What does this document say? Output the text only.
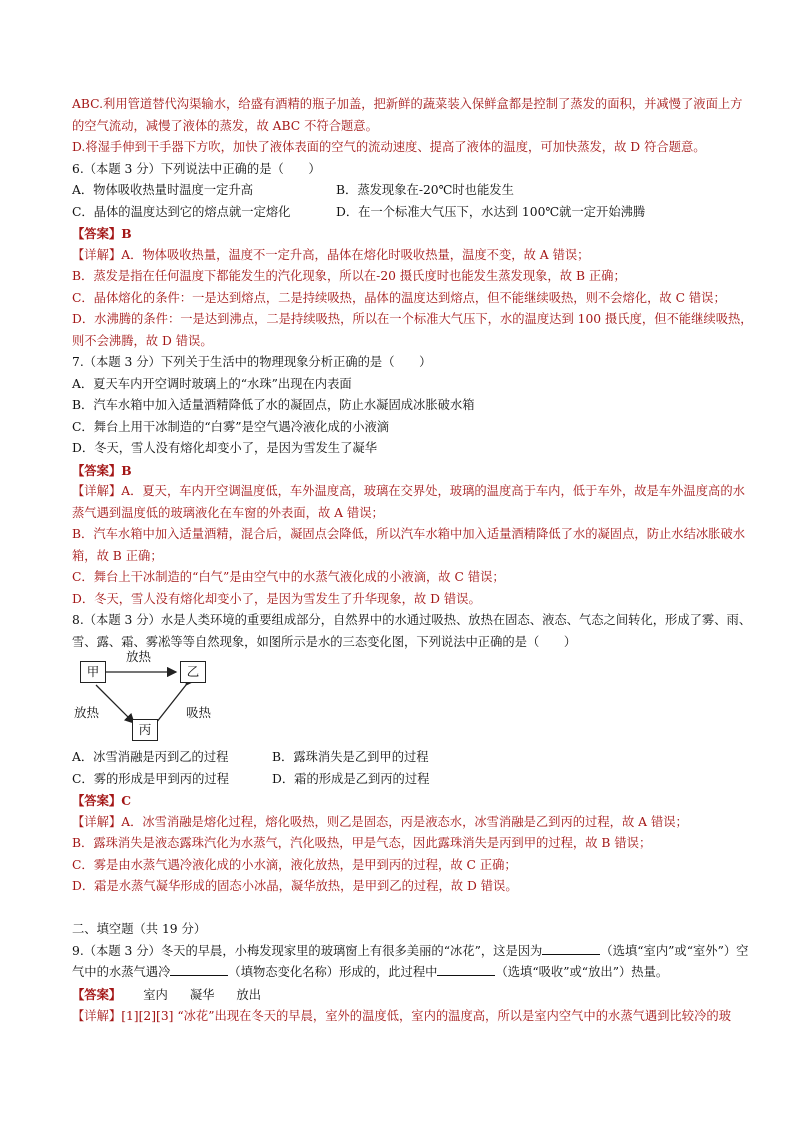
ABC.利用管道替代沟渠输水，给盛有酒精的瓶子加盖，把新鲜的蔬菜装入保鲜盒都是控制了蒸发的面积，并减慢了液面上方
的空气流动，减慢了液体的蒸发，故 ABC 不符合题意。
D.将湿手伸到干手器下方吹，加快了液体表面的空气的流动速度、提高了液体的温度，可加快蒸发，故 D 符合题意。
6.（本题 3 分）下列说法中正确的是（　　）
A．物体吸收热量时温度一定升高	B．蒸发现象在-20℃时也能发生
C．晶体的温度达到它的熔点就一定熔化	D．在一个标准大气压下，水达到 100℃就一定开始沸腾
【答案】B
【详解】A．物体吸收热量，温度不一定升高，晶体在熔化时吸收热量，温度不变，故 A 错误；
B．蒸发是指在任何温度下都能发生的汽化现象，所以在-20 摄氏度时也能发生蒸发现象，故 B 正确；
C．晶体熔化的条件：一是达到熔点，二是持续吸热，晶体的温度达到熔点，但不能继续吸热，则不会熔化，故 C 错误；
D．水沸腾的条件：一是达到沸点，二是持续吸热，所以在一个标准大气压下，水的温度达到 100 摄氏度，但不能继续吸热，
则不会沸腾，故 D 错误。
7.（本题 3 分）下列关于生活中的物理现象分析正确的是（　　）
A．夏天车内开空调时玻璃上的“水珠”出现在内表面
B．汽车水箱中加入适量酒精降低了水的凝固点，防止水凝固成冰胀破水箱
C．舞台上用干冰制造的“白雾”是空气遇冷液化成的小液滴
D．冬天，雪人没有熔化却变小了，是因为雪发生了凝华
【答案】B
【详解】A．夏天，车内开空调温度低，车外温度高，玻璃在交界处，玻璃的温度高于车内，低于车外，故是车外温度高的水
蒸气遇到温度低的玻璃液化在车窗的外表面，故 A 错误；
B．汽车水箱中加入适量酒精，混合后，凝固点会降低，所以汽车水箱中加入适量酒精降低了水的凝固点，防止水结冰胀破水
箱，故 B 正确；
C．舞台上干冰制造的“白气”是由空气中的水蒸气液化成的小液滴，故 C 错误；
D．冬天，雪人没有熔化却变小了，是因为雪发生了升华现象，故 D 错误。
8.（本题 3 分）水是人类环境的重要组成部分，自然界中的水通过吸热、放热在固态、液态、气态之间转化，形成了雾、雨、
雪、露、霜、雾凇等等自然现象，如图所示是水的三态变化图，下列说法中正确的是（　　）
甲	乙
丙
放热
放热	吸热
A．冰雪消融是丙到乙的过程	B．露珠消失是乙到甲的过程
C．雾的形成是甲到丙的过程	D．霜的形成是乙到丙的过程
【答案】C
【详解】A．冰雪消融是熔化过程，熔化吸热，则乙是固态，丙是液态水，冰雪消融是乙到丙的过程，故 A 错误；
B．露珠消失是液态露珠汽化为水蒸气，汽化吸热，甲是气态，因此露珠消失是丙到甲的过程，故 B 错误；
C．雾是由水蒸气遇冷液化成的小水滴，液化放热，是甲到丙的过程，故 C 正确；
D．霜是水蒸气凝华形成的固态小冰晶，凝华放热，是甲到乙的过程，故 D 错误。
二、填空题（共 19 分）
9.（本题 3 分）冬天的早晨，小梅发现家里的玻璃窗上有很多美丽的“冰花”，这是因为	（选填“室内”或“室外”）空
气中的水蒸气遇冷	（填物态变化名称）形成的，此过程中	（选填“吸收”或“放出”）热量。
【答案】 室内 凝华 放出
【详解】[1][2][3] “冰花”出现在冬天的早晨，室外的温度低，室内的温度高，所以是室内空气中的水蒸气遇到比较冷的玻
